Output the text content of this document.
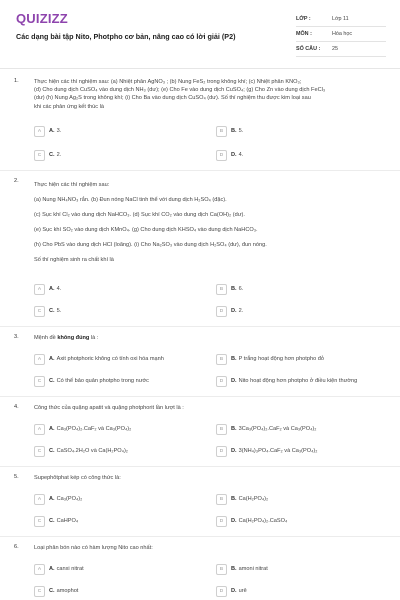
QUIZIZZ
Các dạng bài tập Nito, Photpho cơ bản, nâng cao có lời giải (P2)
LỚP :	Lớp 11
MÔN :	Hóa học
SỐ CÂU :	25
1.	Thực hiện các thí nghiệm sau: (a) Nhiệt phân AgNO₃ ; (b) Nung FeS₂ trong không khí; (c) Nhiệt phân KNO₃;
(d) Cho dung dịch CuSO₄ vào dung dịch NH₃ (dư); (e) Cho Fe vào dung dịch CuSO₄; (g) Cho Zn vào dung dịch FeCl₃
(dư) (h) Nung Ag₂S trong không khí; (i) Cho Ba vào dung dịch CuSO₄ (dư). Số thí nghiệm thu được kim loại sau
khi các phản ứng kết thúc là
A	A. 3.	B	B. 5.
C	C. 2.	D	D. 4.
2.
Thực hiện các thí nghiệm sau:
(a) Nung NH₄NO₃ rắn. (b) Đun nóng NaCl tinh thể với dung dịch H₂SO₄ (đặc).
(c) Sục khí Cl₂ vào dung dịch NaHCO₃. (d) Sục khí CO₂ vào dung dịch Ca(OH)₂ (dư).
(e) Sục khí SO₂ vào dung dịch KMnO₄. (g) Cho dung dịch KHSO₄ vào dung dịch NaHCO₃.
(h) Cho PbS vào dung dịch HCl (loãng). (i) Cho Na₂SO₃ vào dung dịch H₂SO₄ (dư), đun nóng.
Số thí nghiệm sinh ra chất khí là
A	A. 4.	B	B. 6.
C	C. 5.	D	D. 2.
3.	Mệnh đề không đúng là :
A	A. Axit photphoric không có tính oxi hóa mạnh	B	B. P trắng hoạt động hơn photpho đỏ
C	C. Có thể bảo quản photpho trong nước	D	D. Nito hoạt động hơn photpho ở điều kiện thường
4.	Công thức của quặng apatit và quặng photphorit lần lượt là :
A	A. Ca₃(PO₄)₂.CaF₂ và Ca₃(PO₄)₂	B	B. 3Ca₃(PO₄)₂.CaF₂ và Ca₃(PO₄)₂
C	C. CaSO₄.2H₂O và Ca(H₂PO₄)₂	D	D. 3(NH₄)₃PO₄.CaF₂ và Ca₃(PO₄)₂
5.	Supephôtphat kép có công thức là:
A	A. Ca₃(PO₄)₂	B	B. Ca(H₂PO₄)₂
C	C. CaHPO₄	D	D. Ca(H₂PO₄)₂.CaSO₄
6.	Loại phân bón nào có hàm lượng Nito cao nhất:
A	A. canxi nitrat	B	B. amoni nitrat
C	C. amophot	D	D. urê
